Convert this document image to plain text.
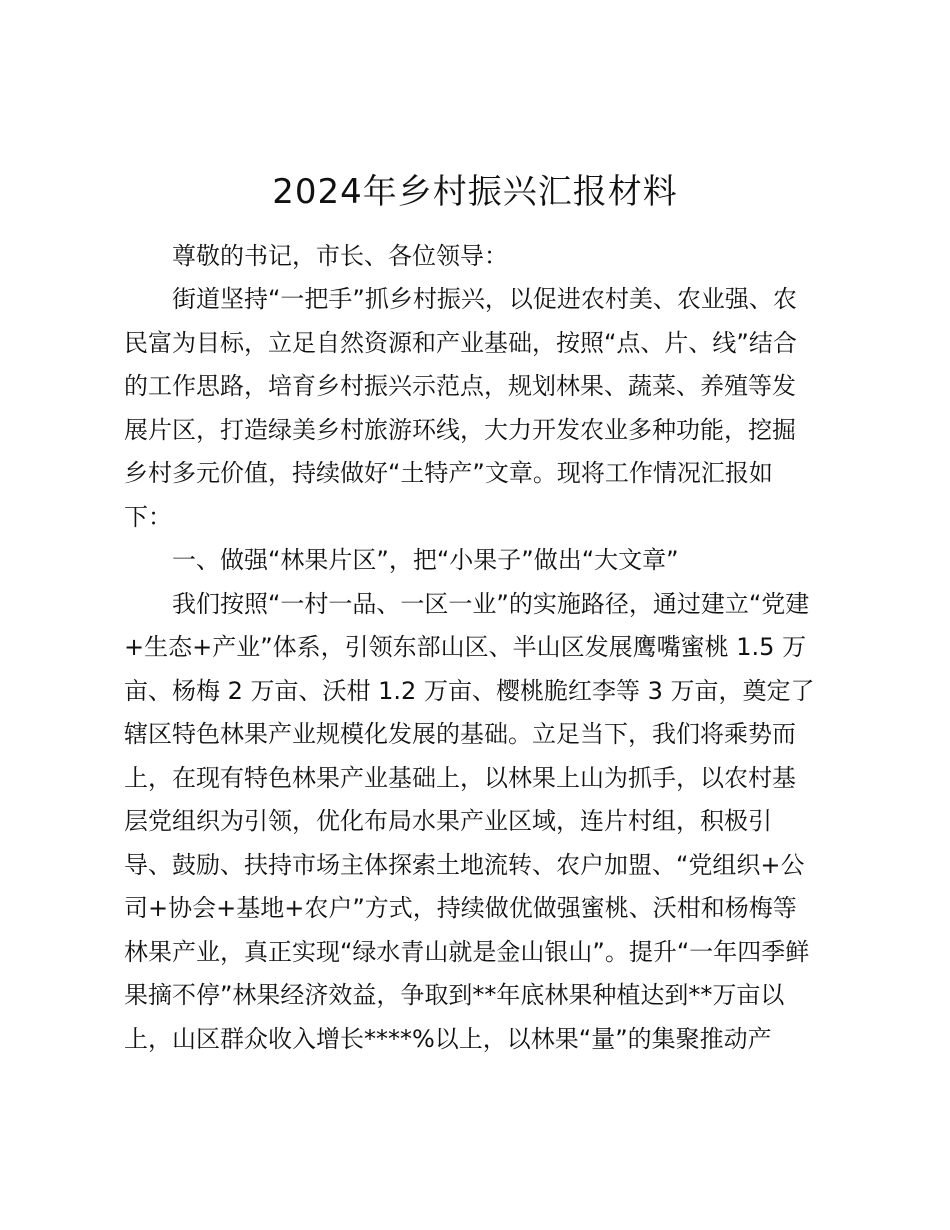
2024年乡村振兴汇报材料
尊敬的书记，市长、各位领导：
街道坚持“一把手”抓乡村振兴，以促进农村美、农业强、农
民富为目标，立足自然资源和产业基础，按照“点、片、线”结合
的工作思路，培育乡村振兴示范点，规划林果、蔬菜、养殖等发
展片区，打造绿美乡村旅游环线，大力开发农业多种功能，挖掘
乡村多元价值，持续做好“土特产”文章。现将工作情况汇报如
下：
一、做强“林果片区”，把“小果子”做出“大文章”
我们按照“一村一品、一区一业”的实施路径，通过建立“党建
+生态+产业”体系，引领东部山区、半山区发展鹰嘴蜜桃 1.5 万
亩、杨梅 2 万亩、沃柑 1.2 万亩、樱桃脆红李等 3 万亩，奠定了
辖区特色林果产业规模化发展的基础。立足当下，我们将乘势而
上，在现有特色林果产业基础上，以林果上山为抓手，以农村基
层党组织为引领，优化布局水果产业区域，连片村组，积极引
导、鼓励、扶持市场主体探索土地流转、农户加盟、“党组织+公
司+协会+基地+农户”方式，持续做优做强蜜桃、沃柑和杨梅等
林果产业，真正实现“绿水青山就是金山银山”。提升“一年四季鲜
果摘不停”林果经济效益，争取到**年底林果种植达到**万亩以
上，山区群众收入增长****%以上，以林果“量”的集聚推动产
